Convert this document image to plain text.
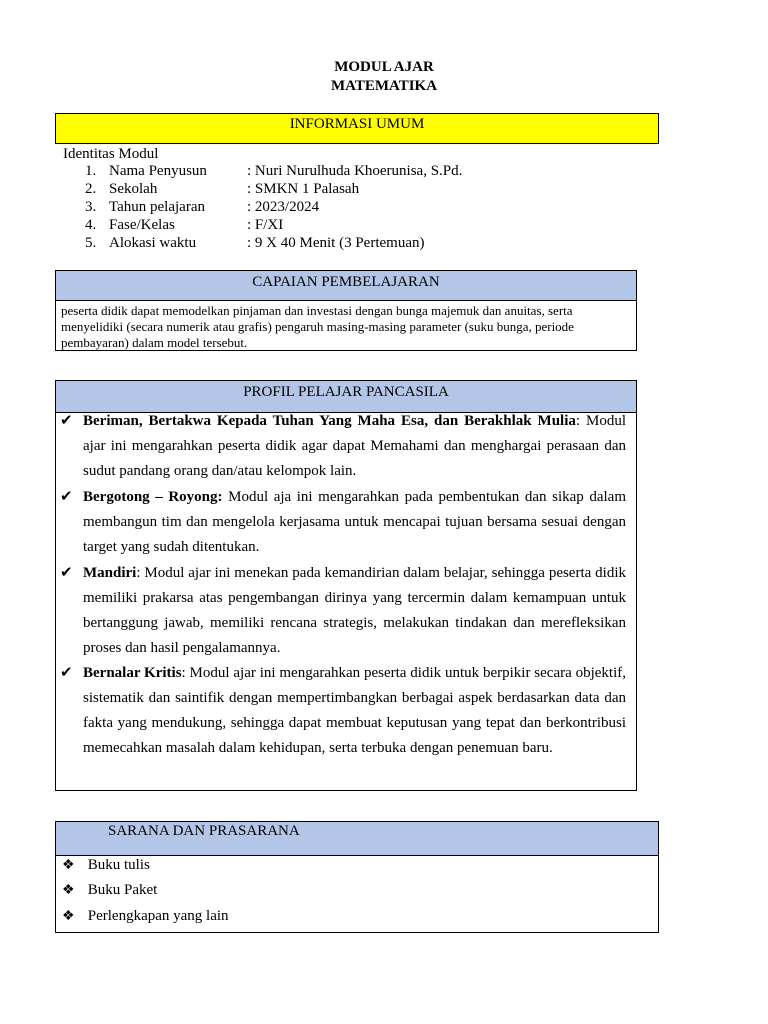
MODUL AJAR
MATEMATIKA
INFORMASI UMUM
Identitas Modul
1. Nama Penyusun	: Nuri Nurulhuda Khoerunisa, S.Pd.
2. Sekolah	: SMKN 1 Palasah
3. Tahun pelajaran	: 2023/2024
4. Fase/Kelas	: F/XI
5. Alokasi waktu	: 9 X 40 Menit (3 Pertemuan)
CAPAIAN PEMBELAJARAN
peserta didik dapat memodelkan pinjaman dan investasi dengan bunga majemuk dan anuitas, serta menyelidiki (secara numerik atau grafis) pengaruh masing-masing parameter (suku bunga, periode pembayaran) dalam model tersebut.
PROFIL PELAJAR PANCASILA
✔ Beriman, Bertakwa Kepada Tuhan Yang Maha Esa, dan Berakhlak Mulia: Modul ajar ini mengarahkan peserta didik agar dapat Memahami dan menghargai perasaan dan sudut pandang orang dan/atau kelompok lain.
✔ Bergotong – Royong: Modul aja ini mengarahkan pada pembentukan dan sikap dalam membangun tim dan mengelola kerjasama untuk mencapai tujuan bersama sesuai dengan target yang sudah ditentukan.
✔ Mandiri: Modul ajar ini menekan pada kemandirian dalam belajar, sehingga peserta didik memiliki prakarsa atas pengembangan dirinya yang tercermin dalam kemampuan untuk bertanggung jawab, memiliki rencana strategis, melakukan tindakan dan merefleksikan proses dan hasil pengalamannya.
✔ Bernalar Kritis: Modul ajar ini mengarahkan peserta didik untuk berpikir secara objektif, sistematik dan saintifik dengan mempertimbangkan berbagai aspek berdasarkan data dan fakta yang mendukung, sehingga dapat membuat keputusan yang tepat dan berkontribusi memecahkan masalah dalam kehidupan, serta terbuka dengan penemuan baru.
SARANA DAN PRASARANA
❖ Buku tulis
❖ Buku Paket
❖ Perlengkapan yang lain
